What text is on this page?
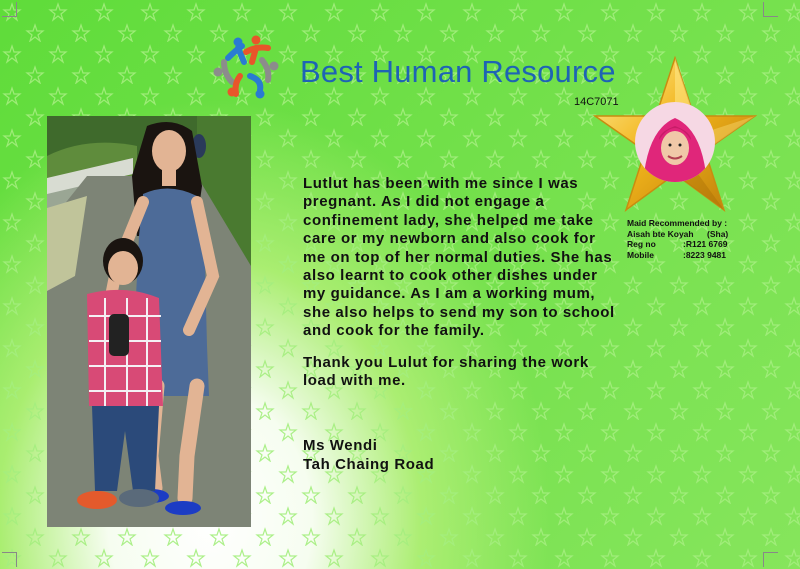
Best Human Resource
14C7071

Lutlut has been with me since I was pregnant. As I did not engage a confinement lady, she helped me take care or my newborn and also cook for me on top of her normal duties. She has also learnt to cook other dishes under my guidance. As I am a working mum, she also helps to send my son to school and cook for the family.

Thank you Lulut for sharing the work load with me.

Ms Wendi
Tah Chaing Road
Maid Recommended by :
Aisah bte Koyah	(Sha)
Reg no	:R121 6769
Mobile	:8223 9481
